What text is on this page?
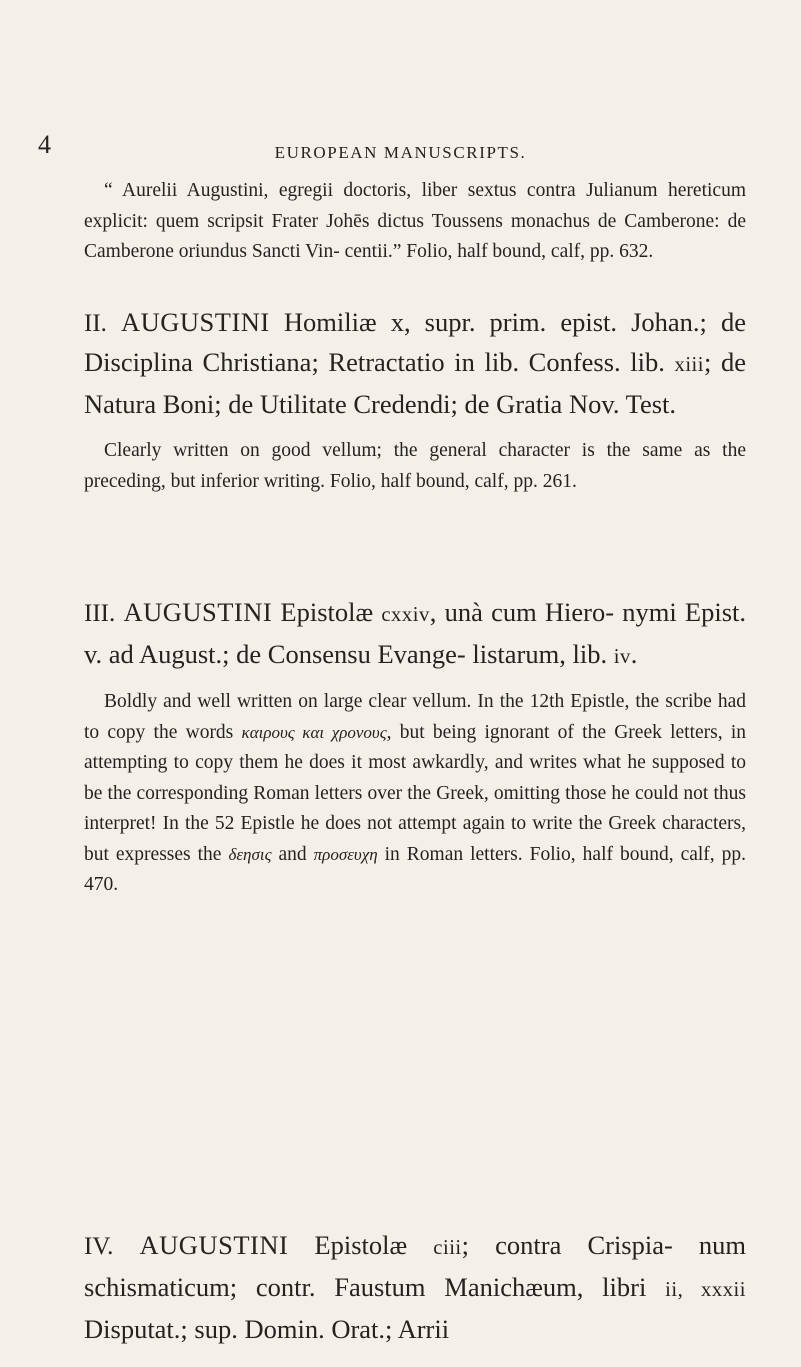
4	EUROPEAN MANUSCRIPTS.

“ Aurelii Augustini, egregii doctoris, liber sextus contra Julianum hereticum explicit: quem scripsit Frater Johēs dictus Toussens monachus de Camberone: de Camberone oriundus Sancti Vin- centii.” Folio, half bound, calf, pp. 632.

II. AUGUSTINI Homiliæ x, supr. prim. epist. Johan.; de Disciplina Christiana; Retractatio in lib. Confess. lib. xiii; de Natura Boni; de Utilitate Credendi; de Gratia Nov. Test.

Clearly written on good vellum; the general character is the same as the preceding, but inferior writing. Folio, half bound, calf, pp. 261.

III. AUGUSTINI Epistolæ cxxiv, unà cum Hiero- nymi Epist. v. ad August.; de Consensu Evange- listarum, lib. iv.

Boldly and well written on large clear vellum. In the 12th Epistle, the scribe had to copy the words καιρους και χρονους, but being ignorant of the Greek letters, in attempting to copy them he does it most awkardly, and writes what he supposed to be the corresponding Roman letters over the Greek, omitting those he could not thus interpret! In the 52 Epistle he does not attempt again to write the Greek characters, but expresses the δεησις and προσευχη in Roman letters. Folio, half bound, calf, pp. 470.

IV. AUGUSTINI Epistolæ ciii; contra Crispia- num schismaticum; contr. Faustum Manichæum, libri ii, xxxii Disputat.; sup. Domin. Orat.; Arrii
